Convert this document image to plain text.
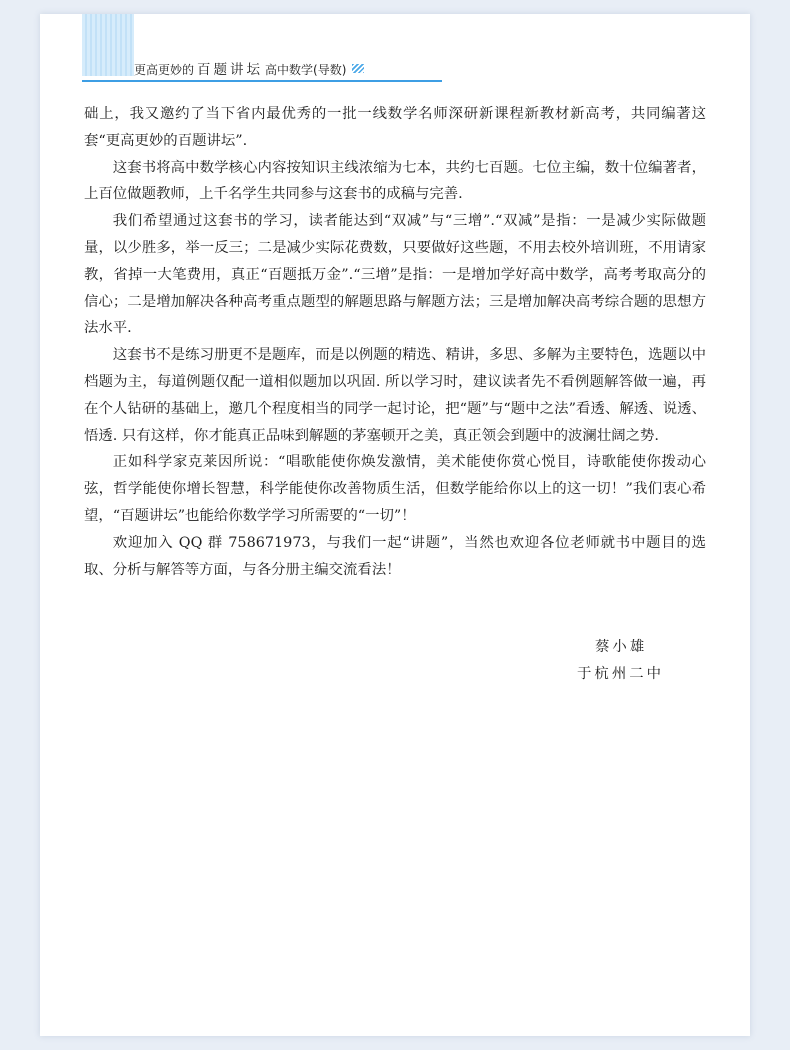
更高更妙的 百题讲坛 高中数学(导数)

础上，我又邀约了当下省内最优秀的一批一线数学名师深研新课程新教材新高考，共同编著这套“更高更妙的百题讲坛”.

这套书将高中数学核心内容按知识主线浓缩为七本，共约七百题。七位主编，数十位编著者，上百位做题教师，上千名学生共同参与这套书的成稿与完善.

我们希望通过这套书的学习，读者能达到“双减”与“三增”.“双减”是指：一是减少实际做题量，以少胜多，举一反三；二是减少实际花费数，只要做好这些题，不用去校外培训班，不用请家教，省掉一大笔费用，真正“百题抵万金”.“三增”是指：一是增加学好高中数学，高考考取高分的信心；二是增加解决各种高考重点题型的解题思路与解题方法；三是增加解决高考综合题的思想方法水平.

这套书不是练习册更不是题库，而是以例题的精选、精讲，多思、多解为主要特色，选题以中档题为主，每道例题仅配一道相似题加以巩固. 所以学习时，建议读者先不看例题解答做一遍，再在个人钻研的基础上，邀几个程度相当的同学一起讨论，把“题”与“题中之法”看透、解透、说透、悟透. 只有这样，你才能真正品味到解题的茅塞顿开之美，真正领会到题中的波澜壮阔之势.

正如科学家克莱因所说：“唱歌能使你焕发激情，美术能使你赏心悦目，诗歌能使你拨动心弦，哲学能使你增长智慧，科学能使你改善物质生活，但数学能给你以上的这一切！”我们衷心希望，“百题讲坛”也能给你数学学习所需要的“一切”！

欢迎加入 QQ 群 758671973，与我们一起“讲题”，当然也欢迎各位老师就书中题目的选取、分析与解答等方面，与各分册主编交流看法！

蔡小雄
于杭州二中
